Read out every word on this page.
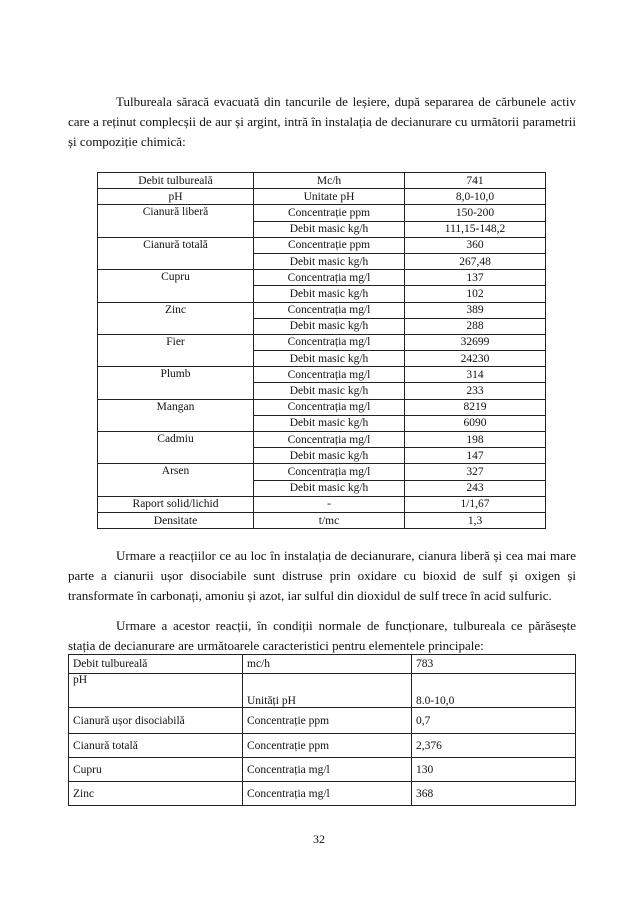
Tulbureala săracă evacuată din tancurile de leșiere, după separarea de cărbunele activ care a reținut complecșii de aur și argint, intră în instalația de decianurare cu următorii parametrii și compoziție chimică:

Debit tulbureală	Mc/h	741
pH	Unitate pH	8,0-10,0
Cianură liberă	Concentrație ppm	150-200
	Debit masic kg/h	111,15-148,2
Cianură totală	Concentrație ppm	360
	Debit masic kg/h	267,48
Cupru	Concentrația mg/l	137
	Debit masic kg/h	102
Zinc	Concentrația mg/l	389
	Debit masic kg/h	288
Fier	Concentrația mg/l	32699
	Debit masic kg/h	24230
Plumb	Concentrația mg/l	314
	Debit masic kg/h	233
Mangan	Concentrația mg/l	8219
	Debit masic kg/h	6090
Cadmiu	Concentrația mg/l	198
	Debit masic kg/h	147
Arsen	Concentrația mg/l	327
	Debit masic kg/h	243
Raport solid/lichid	-	1/1,67
Densitate	t/mc	1,3

Urmare a reacțiilor ce au loc în instalația de decianurare, cianura liberă și cea mai mare parte a cianurii ușor disociabile sunt distruse prin oxidare cu bioxid de sulf și oxigen și transformate în carbonați, amoniu și azot, iar sulful din dioxidul de sulf trece în acid sulfuric.

Urmare a acestor reacții, în condiții normale de funcționare, tulbureala ce părăsește stația de decianurare are următoarele caracteristici pentru elementele principale:

Debit tulbureală	mc/h	783
pH	Unități pH	8.0-10,0
Cianură ușor disociabilă	Concentrație ppm	0,7
Cianură totală	Concentrație ppm	2,376
Cupru	Concentrația mg/l	130
Zinc	Concentrația mg/l	368
32
